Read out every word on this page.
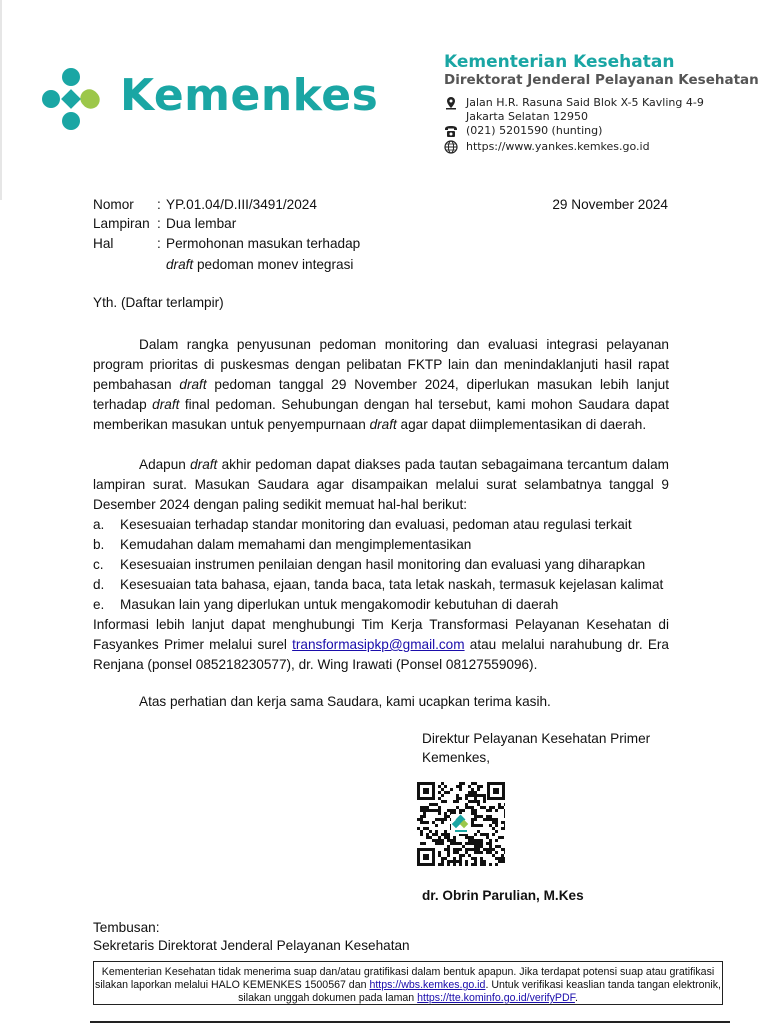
Kemenkes
Kementerian Kesehatan
Direktorat Jenderal Pelayanan Kesehatan
Jalan H.R. Rasuna Said Blok X-5 Kavling 4-9
Jakarta Selatan 12950
(021) 5201590 (hunting)
https://www.yankes.kemkes.go.id
Nomor : YP.01.04/D.III/3491/2024	29 November 2024
Lampiran : Dua lembar
Hal	: Permohonan masukan terhadap
draft pedoman monev integrasi
Yth. (Daftar terlampir)
Dalam rangka penyusunan pedoman monitoring dan evaluasi integrasi pelayanan program prioritas di puskesmas dengan pelibatan FKTP lain dan menindaklanjuti hasil rapat pembahasan draft pedoman tanggal 29 November 2024, diperlukan masukan lebih lanjut terhadap draft final pedoman. Sehubungan dengan hal tersebut, kami mohon Saudara dapat memberikan masukan untuk penyempurnaan draft agar dapat diimplementasikan di daerah.
Adapun draft akhir pedoman dapat diakses pada tautan sebagaimana tercantum dalam lampiran surat. Masukan Saudara agar disampaikan melalui surat selambatnya tanggal 9 Desember 2024 dengan paling sedikit memuat hal-hal berikut:
a.	Kesesuaian terhadap standar monitoring dan evaluasi, pedoman atau regulasi terkait
b.	Kemudahan dalam memahami dan mengimplementasikan
c.	Kesesuaian instrumen penilaian dengan hasil monitoring dan evaluasi yang diharapkan
d.	Kesesuaian tata bahasa, ejaan, tanda baca, tata letak naskah, termasuk kejelasan kalimat
e.	Masukan lain yang diperlukan untuk mengakomodir kebutuhan di daerah
Informasi lebih lanjut dapat menghubungi Tim Kerja Transformasi Pelayanan Kesehatan di Fasyankes Primer melalui surel transformasipkp@gmail.com atau melalui narahubung dr. Era Renjana (ponsel 085218230577), dr. Wing Irawati (Ponsel 08127559096).
Atas perhatian dan kerja sama Saudara, kami ucapkan terima kasih.
Direktur Pelayanan Kesehatan Primer
Kemenkes,
dr. Obrin Parulian, M.Kes
Tembusan:
Sekretaris Direktorat Jenderal Pelayanan Kesehatan
Kementerian Kesehatan tidak menerima suap dan/atau gratifikasi dalam bentuk apapun. Jika terdapat potensi suap atau gratifikasi silakan laporkan melalui HALO KEMENKES 1500567 dan https://wbs.kemkes.go.id. Untuk verifikasi keaslian tanda tangan elektronik, silakan unggah dokumen pada laman https://tte.kominfo.go.id/verifyPDF.
